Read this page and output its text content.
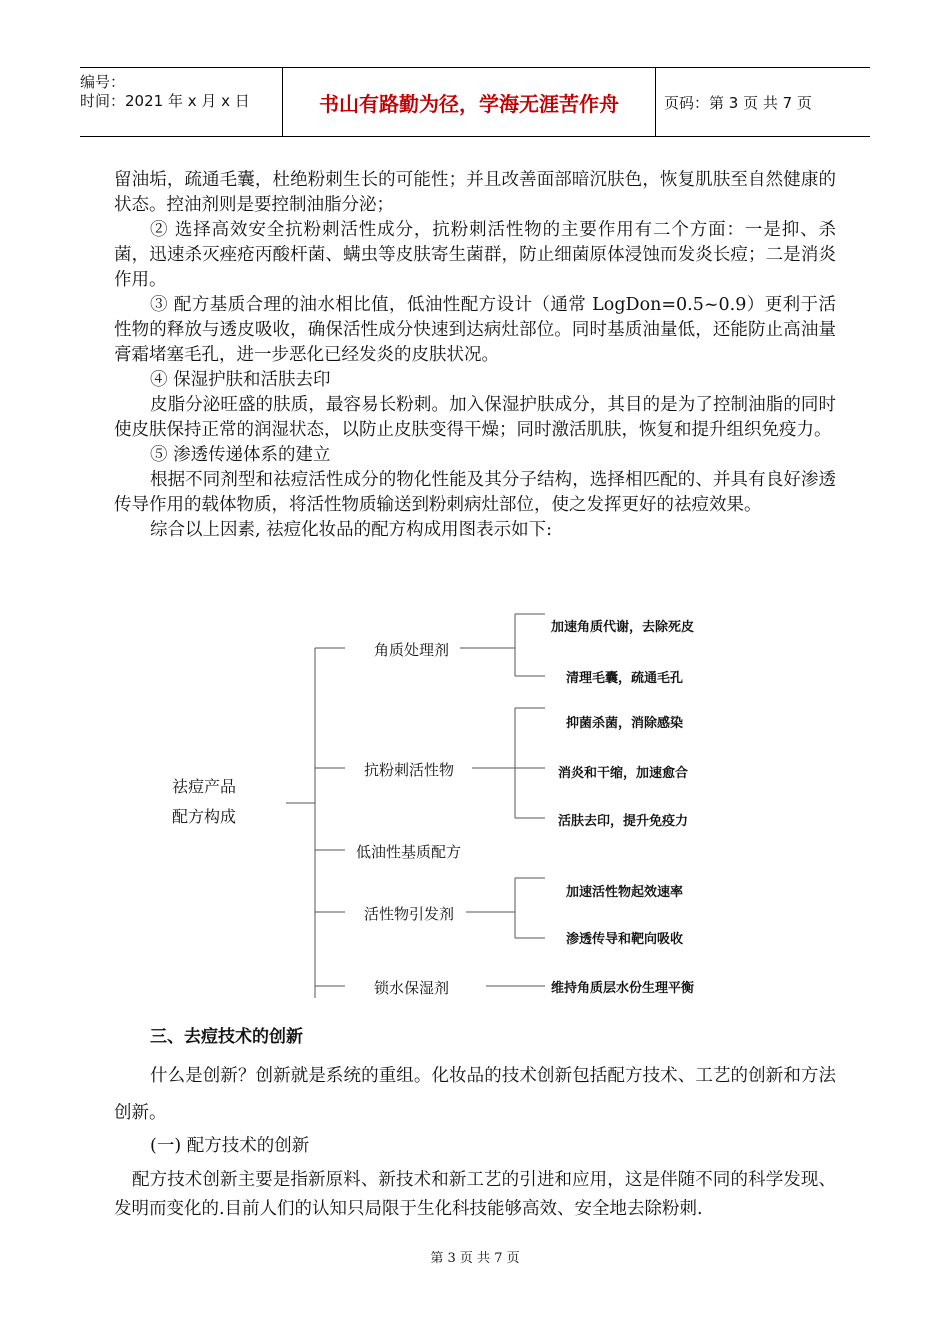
编号：
时间：2021 年 x 月 x 日	书山有路勤为径，学海无涯苦作舟	页码：第 3 页 共 7 页

留油垢，疏通毛囊，杜绝粉刺生长的可能性；并且改善面部暗沉肤色，恢复肌肤至自然健康的状态。控油剂则是要控制油脂分泌；

② 选择高效安全抗粉刺活性成分，抗粉刺活性物的主要作用有二个方面：一是抑、杀菌，迅速杀灭痤疮丙酸杆菌、螨虫等皮肤寄生菌群，防止细菌原体浸蚀而发炎长痘；二是消炎作用。

③ 配方基质合理的油水相比值，低油性配方设计（通常 LogDon=0.5~0.9）更利于活性物的释放与透皮吸收，确保活性成分快速到达病灶部位。同时基质油量低，还能防止高油量膏霜堵塞毛孔，进一步恶化已经发炎的皮肤状况。

④ 保湿护肤和活肤去印

皮脂分泌旺盛的肤质，最容易长粉刺。加入保湿护肤成分，其目的是为了控制油脂的同时使皮肤保持正常的润湿状态，以防止皮肤变得干燥；同时激活肌肤，恢复和提升组织免疫力。

⑤ 渗透传递体系的建立

根据不同剂型和祛痘活性成分的物化性能及其分子结构，选择相匹配的、并具有良好渗透传导作用的载体物质，将活性物质输送到粉刺病灶部位，使之发挥更好的祛痘效果。

综合以上因素, 祛痘化妆品的配方构成用图表示如下:

祛痘产品
配方构成
角质处理剂
抗粉刺活性物
低油性基质配方
活性物引发剂
锁水保湿剂
加速角质代谢，去除死皮
清理毛囊，疏通毛孔
抑菌杀菌，消除感染
消炎和干缩，加速愈合
活肤去印，提升免疫力
加速活性物起效速率
渗透传导和靶向吸收
维持角质层水份生理平衡
三、去痘技术的创新
什么是创新？创新就是系统的重组。化妆品的技术创新包括配方技术、工艺的创新和方法创新。
(一) 配方技术的创新
配方技术创新主要是指新原料、新技术和新工艺的引进和应用，这是伴随不同的科学发现、发明而变化的.目前人们的认知只局限于生化科技能够高效、安全地去除粉刺.
第 3 页 共 7 页
